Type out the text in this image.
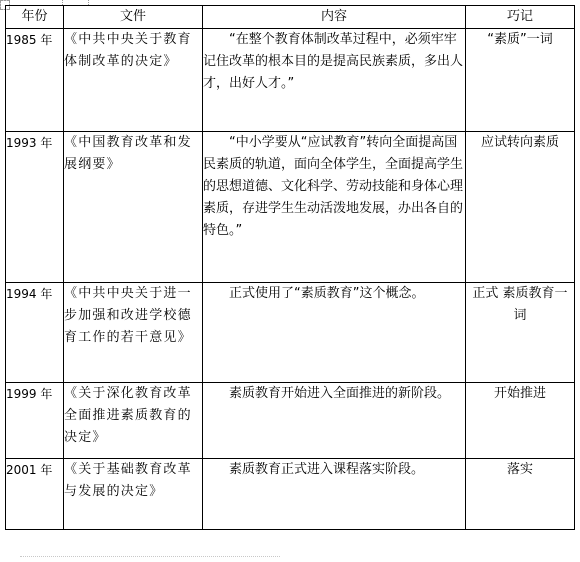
年份	文件	内容	巧记
1985 年	《中共中央关于教育体制改革的决定》	“在整个教育体制改革过程中，必须牢牢记住改革的根本目的是提高民族素质，多出人才，出好人才。”	“素质”一词
1993 年	《中国教育改革和发展纲要》	“中小学要从“应试教育”转向全面提高国民素质的轨道，面向全体学生，全面提高学生的思想道德、文化科学、劳动技能和身体心理素质，存进学生生动活泼地发展，办出各自的特色。”	应试转向素质
1994 年	《中共中央关于进一步加强和改进学校德育工作的若干意见》	正式使用了“素质教育”这个概念。	正式 素质教育一词
1999 年	《关于深化教育改革全面推进素质教育的决定》	素质教育开始进入全面推进的新阶段。	开始推进
2001 年	《关于基础教育改革与发展的决定》	素质教育正式进入课程落实阶段。	落实
